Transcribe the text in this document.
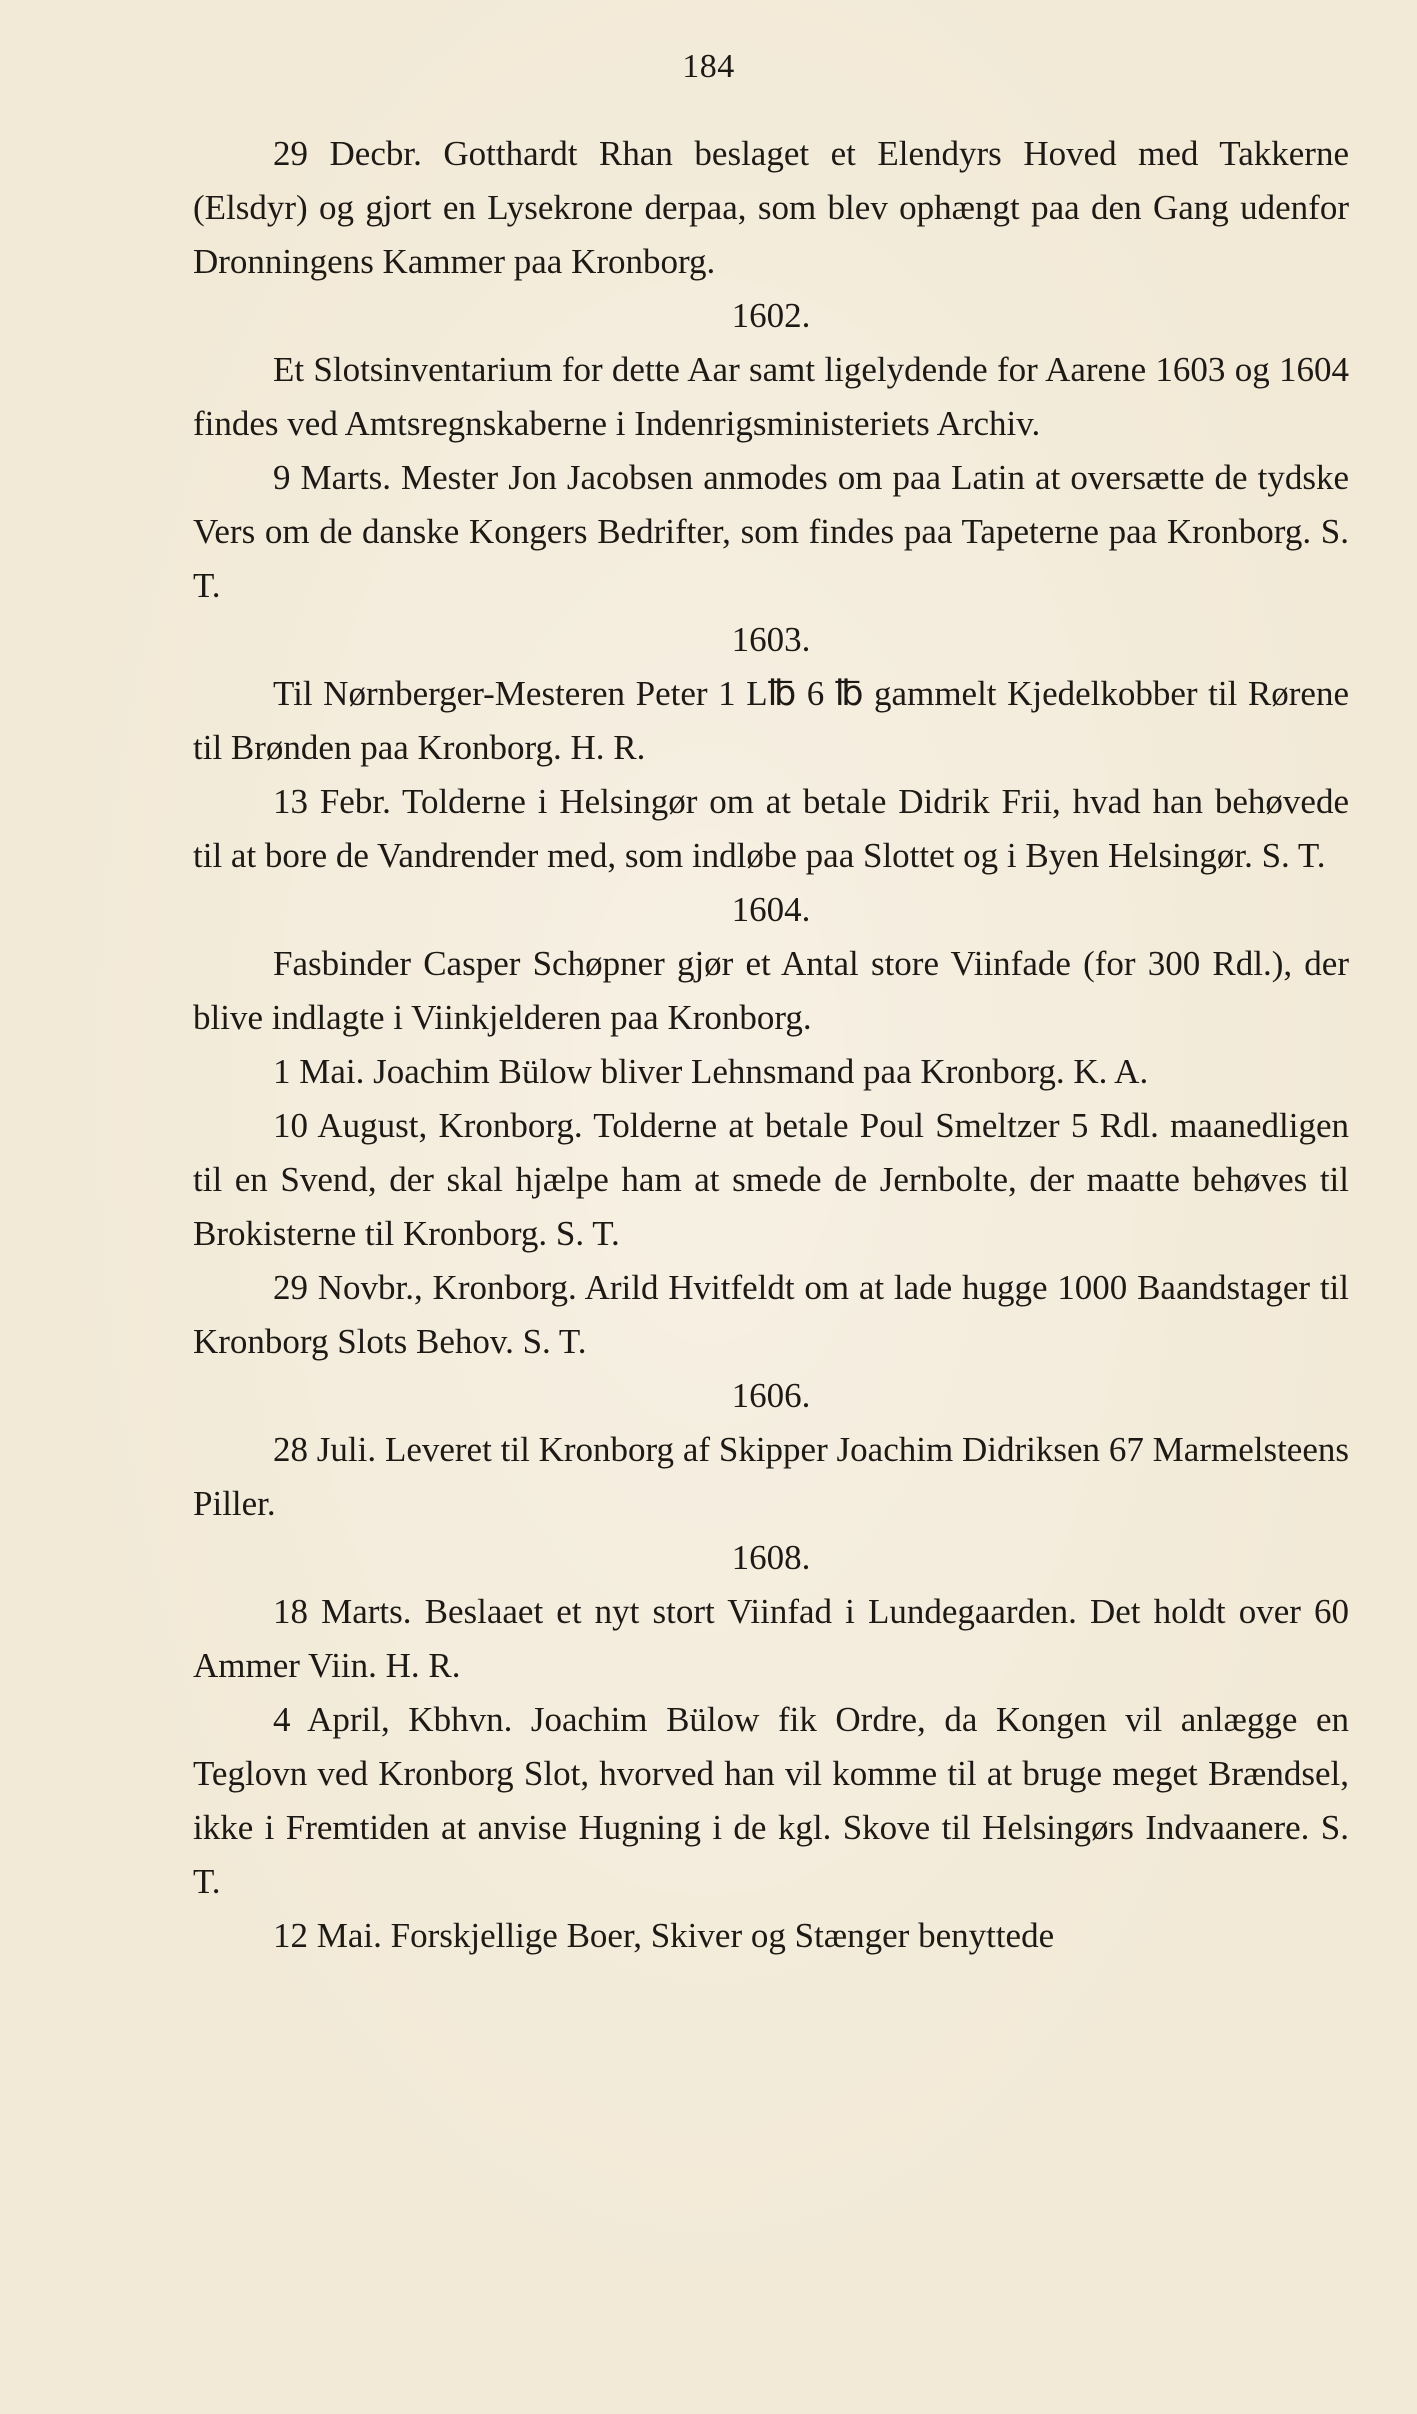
184

29 Decbr. Gotthardt Rhan beslaget et Elendyrs Hoved med Takkerne (Elsdyr) og gjort en Lysekrone derpaa, som blev ophængt paa den Gang udenfor Dronningens Kammer paa Kronborg.

1602.

Et Slotsinventarium for dette Aar samt ligelydende for Aarene 1603 og 1604 findes ved Amtsregnskaberne i Indenrigsministeriets Archiv.

9 Marts. Mester Jon Jacobsen anmodes om paa Latin at oversætte de tydske Vers om de danske Kongers Bedrifter, som findes paa Tapeterne paa Kronborg. S. T.

1603.

Til Nørnberger-Mesteren Peter 1 L℔ 6 ℔ gammelt Kjedelkobber til Rørene til Brønden paa Kronborg. H. R.

13 Febr. Tolderne i Helsingør om at betale Didrik Frii, hvad han behøvede til at bore de Vandrender med, som indløbe paa Slottet og i Byen Helsingør. S. T.

1604.

Fasbinder Casper Schøpner gjør et Antal store Viinfade (for 300 Rdl.), der blive indlagte i Viinkjelderen paa Kronborg.

1 Mai. Joachim Bülow bliver Lehnsmand paa Kronborg. K. A.

10 August, Kronborg. Tolderne at betale Poul Smeltzer 5 Rdl. maanedligen til en Svend, der skal hjælpe ham at smede de Jernbolte, der maatte behøves til Brokisterne til Kronborg. S. T.

29 Novbr., Kronborg. Arild Hvitfeldt om at lade hugge 1000 Baandstager til Kronborg Slots Behov. S. T.

1606.

28 Juli. Leveret til Kronborg af Skipper Joachim Didriksen 67 Marmelsteens Piller.

1608.

18 Marts. Beslaaet et nyt stort Viinfad i Lundegaarden. Det holdt over 60 Ammer Viin. H. R.

4 April, Kbhvn. Joachim Bülow fik Ordre, da Kongen vil anlægge en Teglovn ved Kronborg Slot, hvorved han vil komme til at bruge meget Brændsel, ikke i Fremtiden at anvise Hugning i de kgl. Skove til Helsingørs Indvaanere. S. T.

12 Mai. Forskjellige Boer, Skiver og Stænger benyttede
